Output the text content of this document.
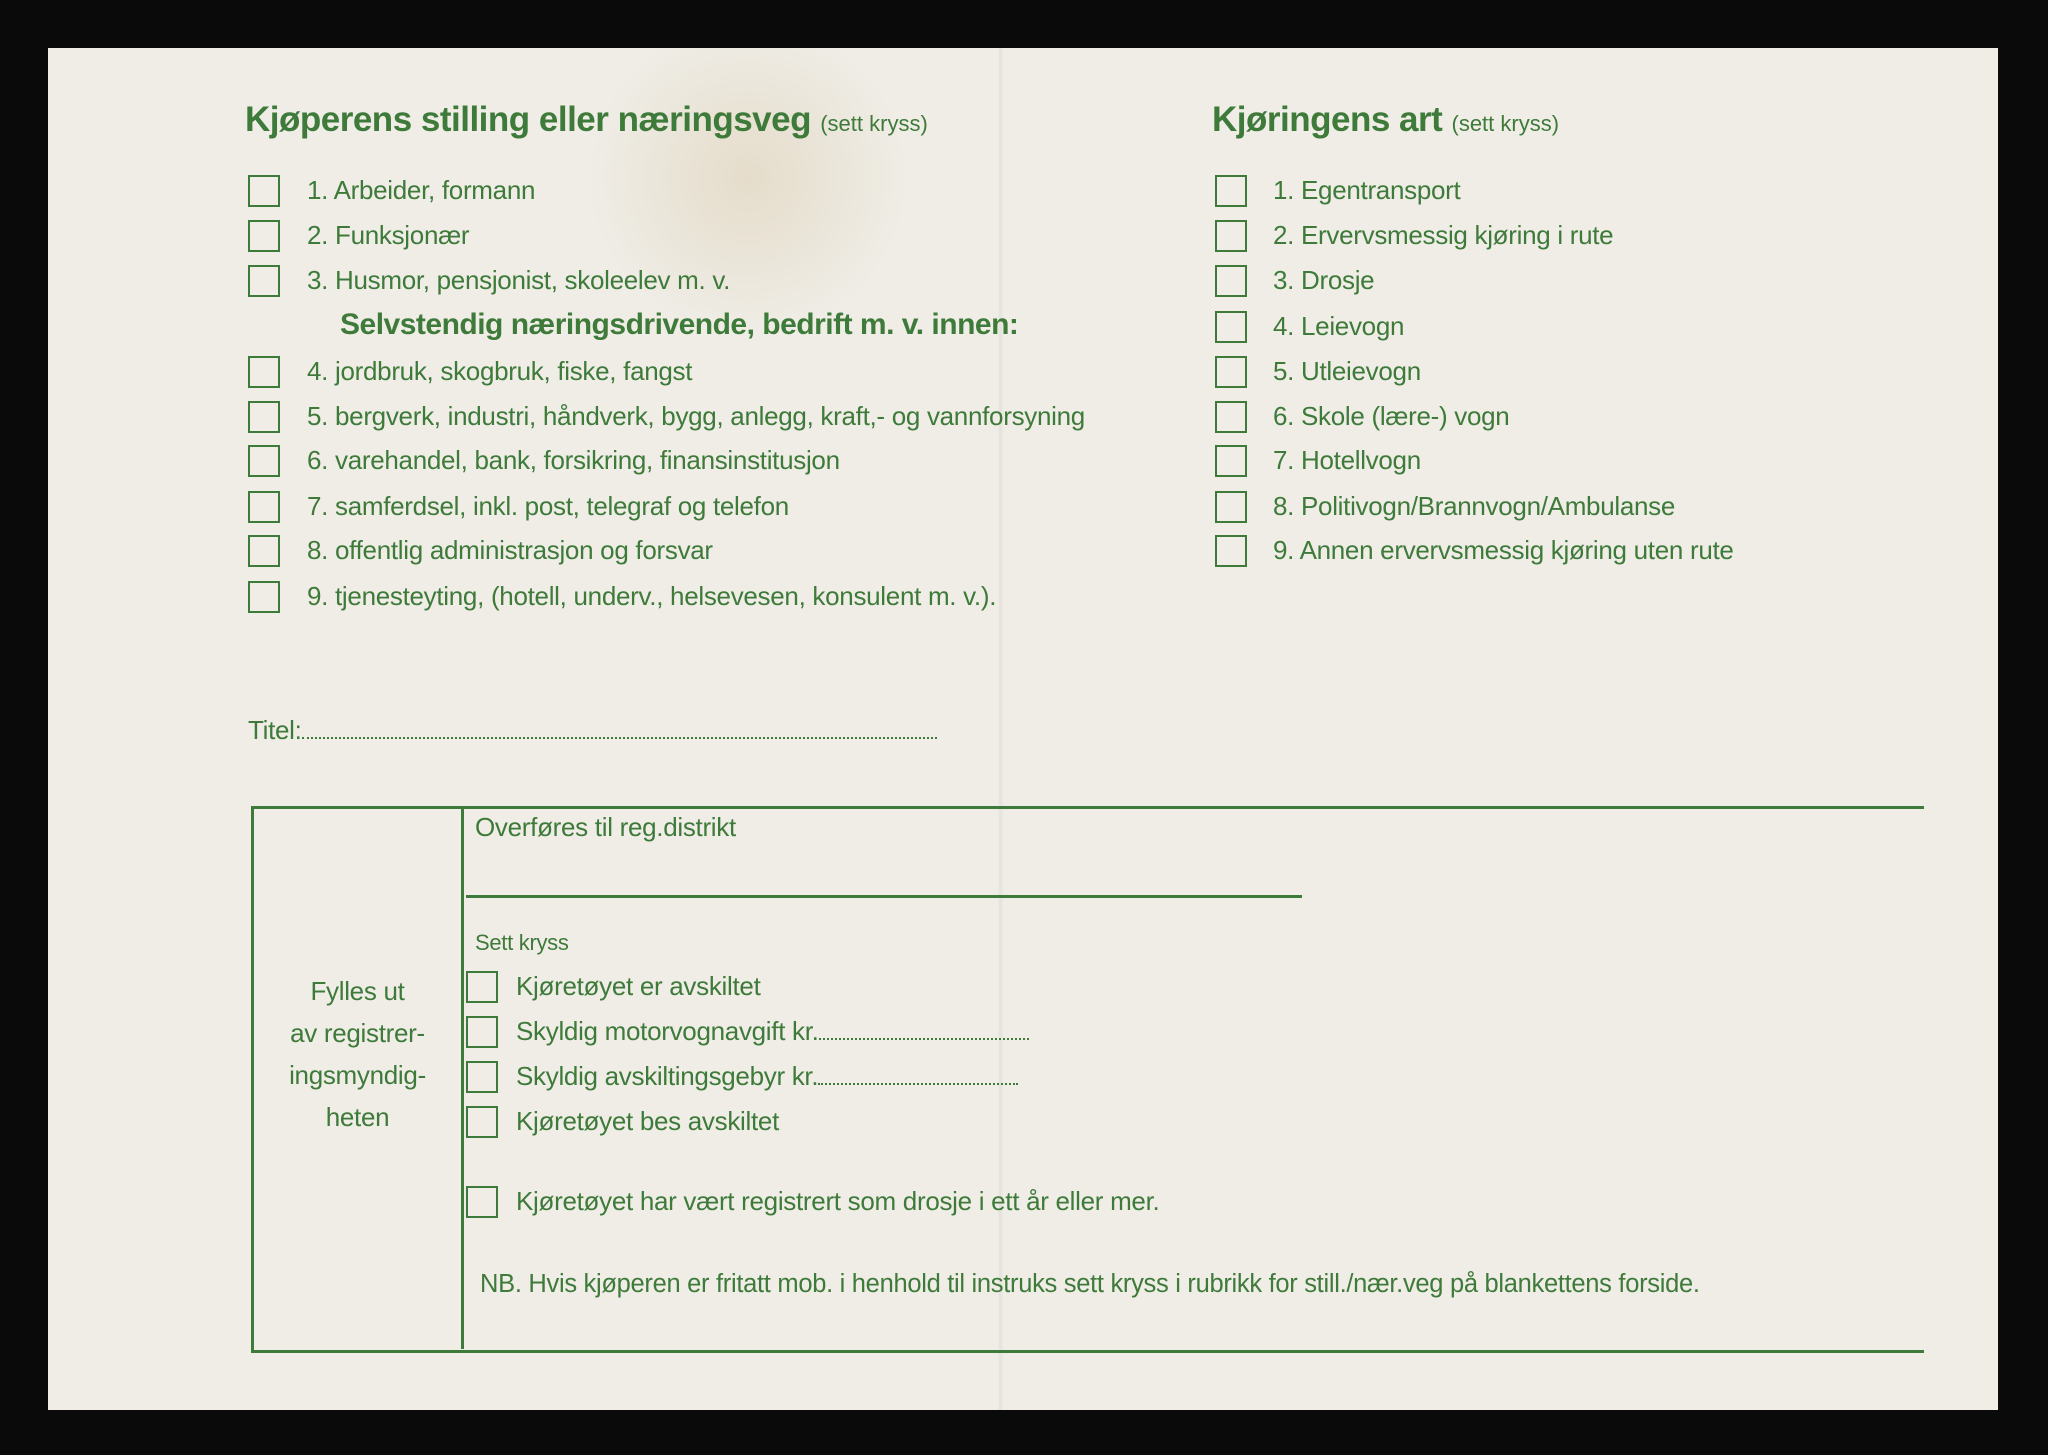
Kjøperens stilling eller næringsveg (sett kryss)
1. Arbeider, formann
2. Funksjonær
3. Husmor, pensjonist, skoleelev m. v.
4. jordbruk, skogbruk, fiske, fangst
5. bergverk, industri, håndverk, bygg, anlegg, kraft,- og vannforsyning
6. varehandel, bank, forsikring, finansinstitusjon
7. samferdsel, inkl. post, telegraf og telefon
8. offentlig administrasjon og forsvar
9. tjenesteyting, (hotell, underv., helsevesen, konsulent m. v.).
Selvstendig næringsdrivende, bedrift m. v. innen:
Kjøringens art (sett kryss)
1. Egentransport
2. Ervervsmessig kjøring i rute
3. Drosje
4. Leievogn
5. Utleievogn
6. Skole (lære-) vogn
7. Hotellvogn
8. Politivogn/Brannvogn/Ambulanse
9. Annen ervervsmessig kjøring uten rute
Titel:
Fylles ut
av registrer-
ingsmyndig-
heten
Overføres til reg.distrikt
Sett kryss
Kjøretøyet er avskiltet
Skyldig motorvognavgift kr.
Skyldig avskiltingsgebyr kr.
Kjøretøyet bes avskiltet
Kjøretøyet har vært registrert som drosje i ett år eller mer.
NB. Hvis kjøperen er fritatt mob. i henhold til instruks sett kryss i rubrikk for still./nær.veg på blankettens forside.
